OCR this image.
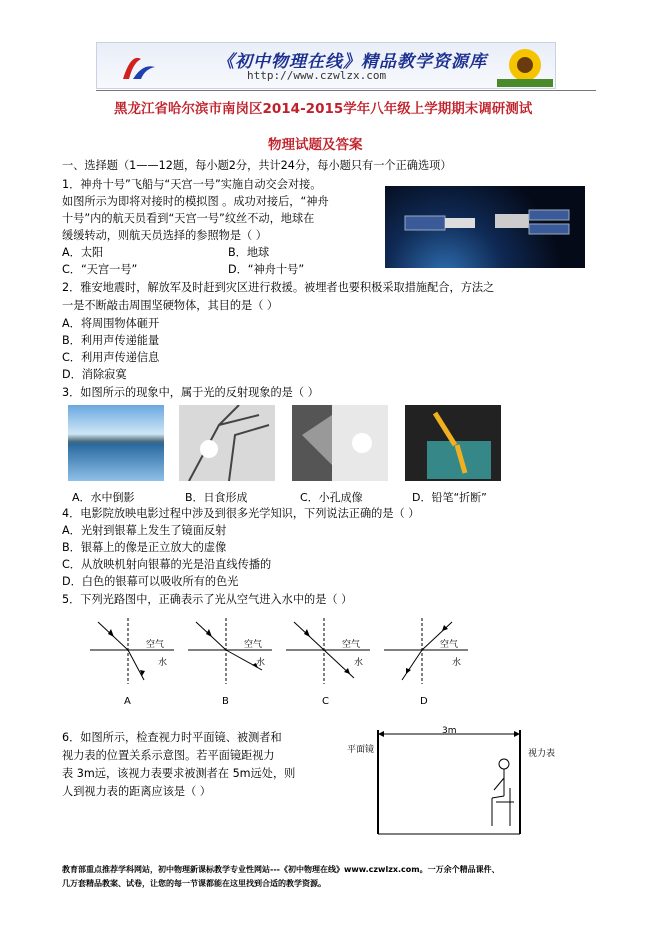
《初中物理在线》精品教学资源库
http://www.czwlzx.com
黑龙江省哈尔滨市南岗区2014-2015学年八年级上学期期末调研测试
物理试题及答案
一、选择题（1——12题，每小题2分，共计24分，每小题只有一个正确选项）
1．神舟十号”飞船与“天宫一号”实施自动交会对接。
如图所示为即将对接时的模拟图 。成功对接后，“神舟
十号”内的航天员看到“天宫一号”纹丝不动，地球在
缓缓转动，则航天员选择的参照物是（ ）
A．太阳	B．地球
C．“天宫一号”	D．“神舟十号”
2．雅安地震时，解放军及时赶到灾区进行救援。被埋者也要积极采取措施配合，方法之
一是不断敲击周围坚硬物体，其目的是（ ）
A．将周围物体砸开
B．利用声传递能量
C．利用声传递信息
D．消除寂寞
3．如图所示的现象中，属于光的反射现象的是（ ）
A．水中倒影	B．日食形成	C．小孔成像	D．铅笔“折断”
4．电影院放映电影过程中涉及到很多光学知识，下列说法正确的是（ ）
A．光射到银幕上发生了镜面反射
B．银幕上的像是正立放大的虚像
C．从放映机射向银幕的光是沿直线传播的
D．白色的银幕可以吸收所有的色光
5．下列光路图中，正确表示了光从空气进入水中的是（ ）
空气
水
空气
水
空气
水
空气
水
A	B	C	D
6．如图所示，检查视力时平面镜、被测者和
视力表的位置关系示意图。若平面镜距视力
表 3m远，该视力表要求被测者在 5m远处，则
人到视力表的距离应该是（ ）
平面镜
3m
视力表
教育部重点推荐学科网站，初中物理新课标教学专业性网站---《初中物理在线》www.czwlzx.com。一万余个精品课件、
几万套精品教案、试卷，让您的每一节课都能在这里找到合适的教学资源。
